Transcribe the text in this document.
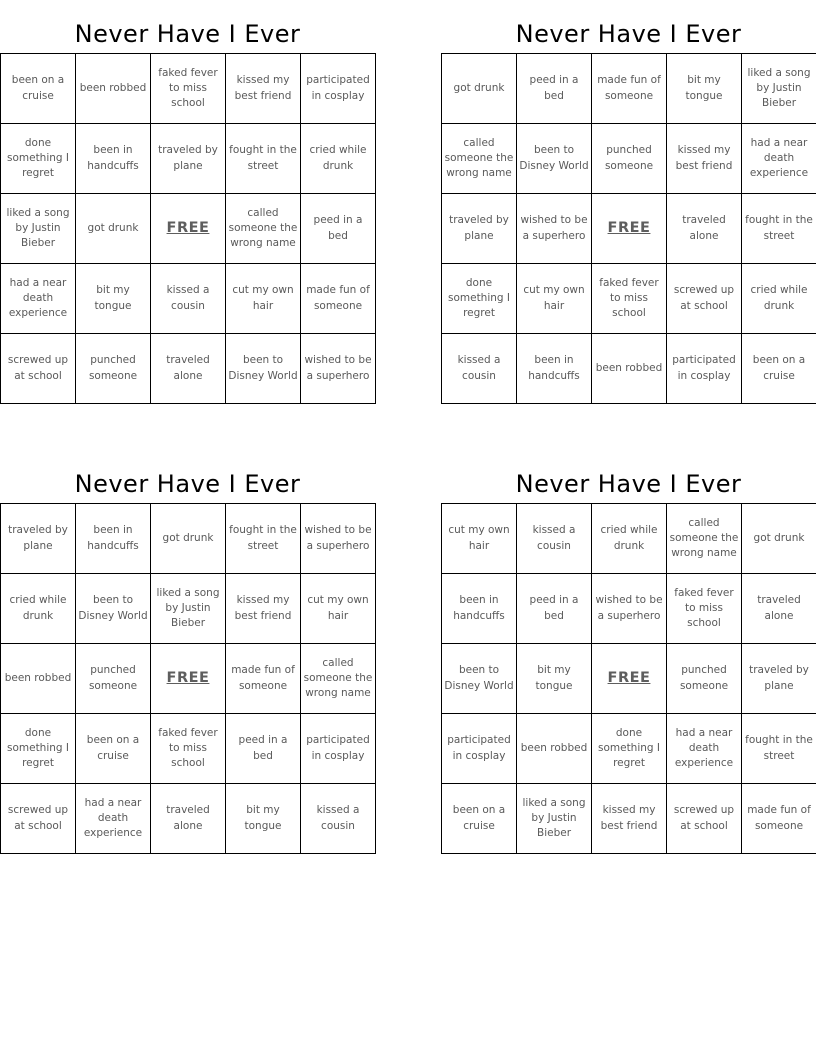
Never Have I Ever
been on a cruise	been robbed	faked fever to miss school	kissed my best friend	participated in cosplay
done something I regret	been in handcuffs	traveled by plane	fought in the street	cried while drunk
liked a song by Justin Bieber	got drunk	FREE	called someone the wrong name	peed in a bed
had a near death experience	bit my tongue	kissed a cousin	cut my own hair	made fun of someone
screwed up at school	punched someone	traveled alone	been to Disney World	wished to be a superhero
Never Have I Ever
got drunk	peed in a bed	made fun of someone	bit my tongue	liked a song by Justin Bieber
called someone the wrong name	been to Disney World	punched someone	kissed my best friend	had a near death experience
traveled by plane	wished to be a superhero	FREE	traveled alone	fought in the street
done something I regret	cut my own hair	faked fever to miss school	screwed up at school	cried while drunk
kissed a cousin	been in handcuffs	been robbed	participated in cosplay	been on a cruise
Never Have I Ever
traveled by plane	been in handcuffs	got drunk	fought in the street	wished to be a superhero
cried while drunk	been to Disney World	liked a song by Justin Bieber	kissed my best friend	cut my own hair
been robbed	punched someone	FREE	made fun of someone	called someone the wrong name
done something I regret	been on a cruise	faked fever to miss school	peed in a bed	participated in cosplay
screwed up at school	had a near death experience	traveled alone	bit my tongue	kissed a cousin
Never Have I Ever
cut my own hair	kissed a cousin	cried while drunk	called someone the wrong name	got drunk
been in handcuffs	peed in a bed	wished to be a superhero	faked fever to miss school	traveled alone
been to Disney World	bit my tongue	FREE	punched someone	traveled by plane
participated in cosplay	been robbed	done something I regret	had a near death experience	fought in the street
been on a cruise	liked a song by Justin Bieber	kissed my best friend	screwed up at school	made fun of someone
